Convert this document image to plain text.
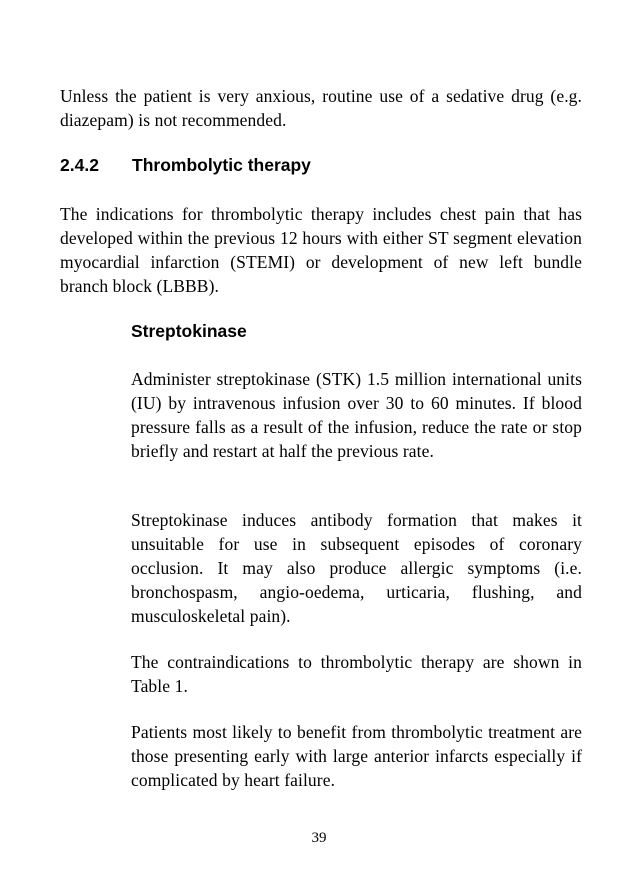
Unless the patient is very anxious, routine use of a sedative drug (e.g. diazepam) is not recommended.

2.4.2 Thrombolytic therapy

The indications for thrombolytic therapy includes chest pain that has developed within the previous 12 hours with either ST segment elevation myocardial infarction (STEMI) or development of new left bundle branch block (LBBB).

Streptokinase

Administer streptokinase (STK) 1.5 million international units (IU) by intravenous infusion over 30 to 60 minutes. If blood pressure falls as a result of the infusion, reduce the rate or stop briefly and restart at half the previous rate.

Streptokinase induces antibody formation that makes it unsuitable for use in subsequent episodes of coronary occlusion. It may also produce allergic symptoms (i.e. bronchospasm, angio-oedema, urticaria, flushing, and musculoskeletal pain).

The contraindications to thrombolytic therapy are shown in Table 1.

Patients most likely to benefit from thrombolytic treatment are those presenting early with large anterior infarcts especially if complicated by heart failure.

39
